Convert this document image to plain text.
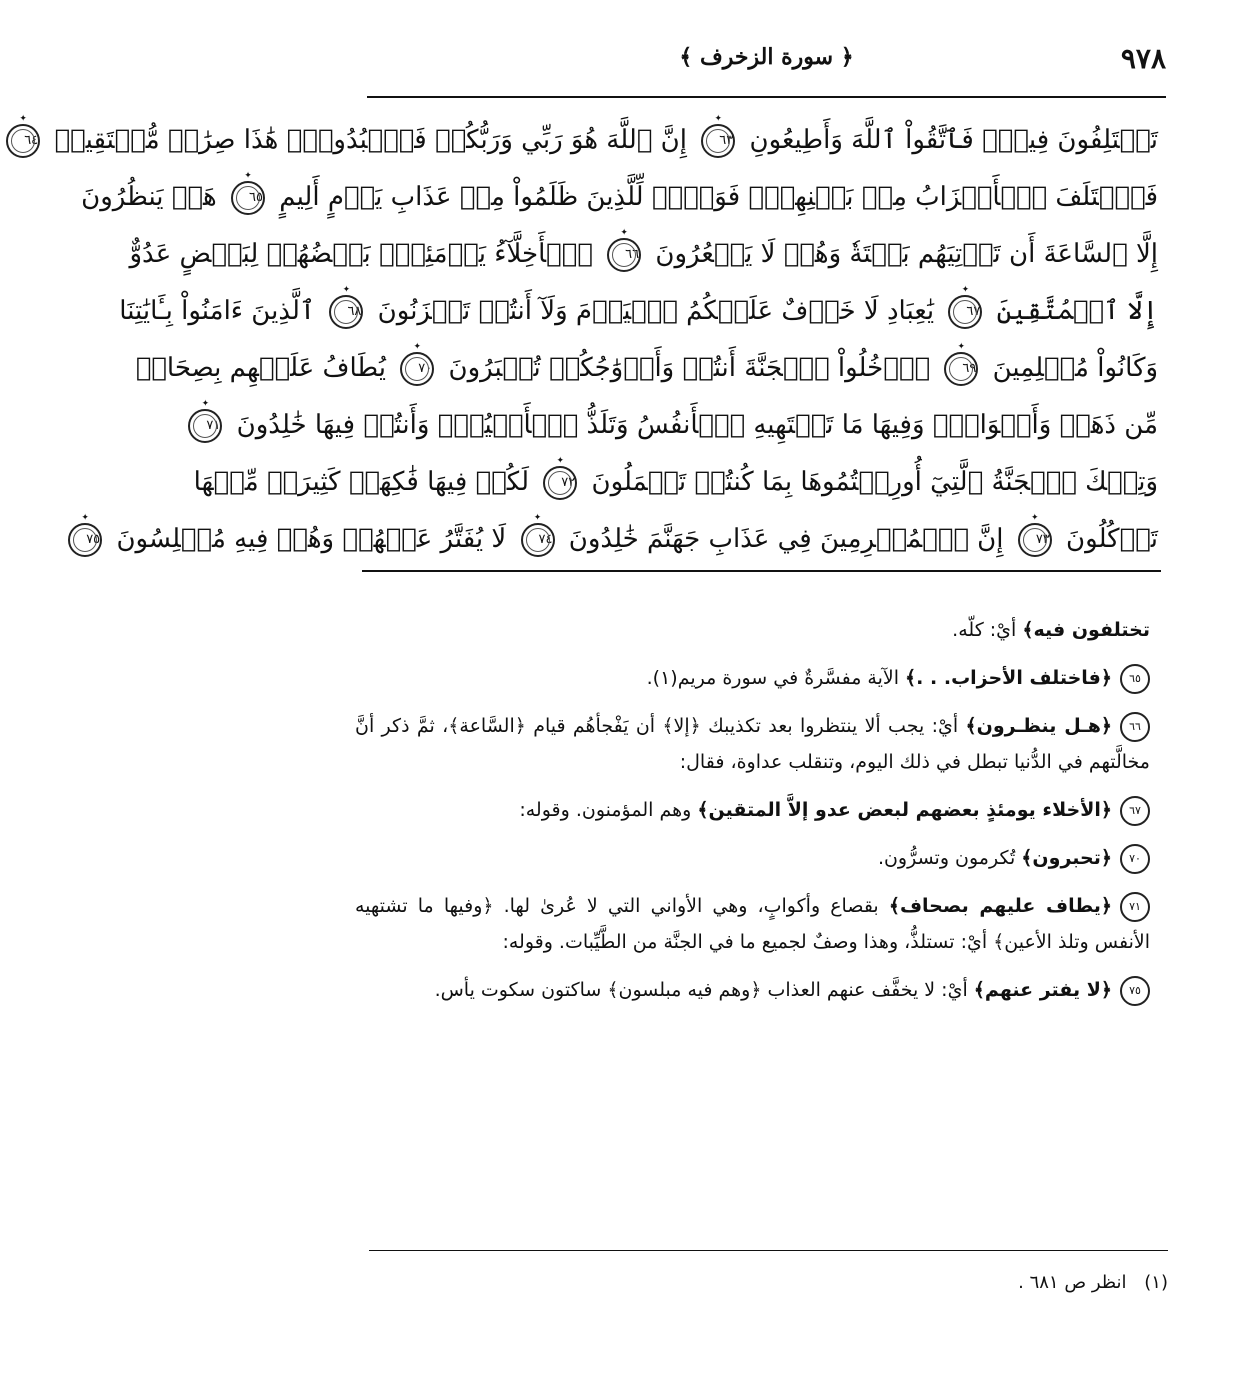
٩٧٨
﴿ سورة الزخرف ﴾
تَخۡتَلِفُونَ فِيهِۖ فَٱتَّقُواْ ٱللَّهَ وَأَطِيعُونِ ٦٣ ✦ إِنَّ ٱللَّهَ هُوَ رَبِّي وَرَبُّكُمۡ فَٱعۡبُدُوهُۚ هَٰذَا صِرَٰطٞ مُّسۡتَقِيمٞ ٦٤ ✦
فَٱخۡتَلَفَ ٱلۡأَحۡزَابُ مِنۢ بَيۡنِهِمۡۖ فَوَيۡلٞ لِّلَّذِينَ ظَلَمُواْ مِنۡ عَذَابِ يَوۡمٍ أَلِيمٍ ٦٥ ✦ هَلۡ يَنظُرُونَ
إِلَّا ٱلسَّاعَةَ أَن تَأۡتِيَهُم بَغۡتَةٗ وَهُمۡ لَا يَشۡعُرُونَ ٦٦ ✦ ٱلۡأَخِلَّآءُ يَوۡمَئِذِۢ بَعۡضُهُمۡ لِبَعۡضٍ عَدُوٌّ
إِلَّا ٱلۡمُتَّقِينَ ٦٧ ✦ يَٰعِبَادِ لَا خَوۡفٌ عَلَيۡكُمُ ٱلۡيَوۡمَ وَلَآ أَنتُمۡ تَحۡزَنُونَ ٦٨ ✦ ٱلَّذِينَ ءَامَنُواْ بِـَٔايَٰتِنَا
وَكَانُواْ مُسۡلِمِينَ ٦٩ ✦ ٱدۡخُلُواْ ٱلۡجَنَّةَ أَنتُمۡ وَأَزۡوَٰجُكُمۡ تُحۡبَرُونَ ٧٠ ✦ يُطَافُ عَلَيۡهِم بِصِحَافٖ
مِّن ذَهَبٖ وَأَكۡوَابٖۖ وَفِيهَا مَا تَشۡتَهِيهِ ٱلۡأَنفُسُ وَتَلَذُّ ٱلۡأَعۡيُنُۖ وَأَنتُمۡ فِيهَا خَٰلِدُونَ ٧١ ✦
وَتِلۡكَ ٱلۡجَنَّةُ ٱلَّتِيٓ أُورِثۡتُمُوهَا بِمَا كُنتُمۡ تَعۡمَلُونَ ٧٢ ✦ لَكُمۡ فِيهَا فَٰكِهَةٞ كَثِيرَةٞ مِّنۡهَا
تَأۡكُلُونَ ٧٣ ✦ إِنَّ ٱلۡمُجۡرِمِينَ فِي عَذَابِ جَهَنَّمَ خَٰلِدُونَ ٧٤ ✦ لَا يُفَتَّرُ عَنۡهُمۡ وَهُمۡ فِيهِ مُبۡلِسُونَ ٧٥ ✦
تختلفون فيه﴾ أيْ: كلّه.
٦٥﴿فاختلف الأحزاب. . .﴾ الآية مفسَّرةٌ في سورة مريم(١).
٦٦﴿هـل ينظـرون﴾ أيْ: يجب ألا ينتظروا بعد تكذيبك ﴿إلا﴾ أن يَفْجأهُم قيام ﴿السَّاعة﴾، ثمَّ ذكر أنَّ مخالَّتهم في الدُّنيا تبطل في ذلك اليوم، وتنقلب عداوة، فقال:
٦٧﴿الأخلاء يومئذٍ بعضهم لبعض عدو إلاَّ المتقين﴾ وهم المؤمنون. وقوله:
٧٠﴿تحبرون﴾ تُكرمون وتسرُّون.
٧١﴿يطاف عليهم بصحاف﴾ بقصاع وأكوابٍ، وهي الأواني التي لا عُرىٰ لها. ﴿وفيها ما تشتهيه الأنفس وتلذ الأعين﴾ أيْ: تستلذُّ، وهذا وصفٌ لجميع ما في الجنَّة من الطَّيِّبات. وقوله:
٧٥﴿لا يفتر عنهم﴾ أيْ: لا يخفَّف عنهم العذاب ﴿وهم فيه مبلسون﴾ ساكتون سكوت يأس.
(١) انظر ص ٦٨١ .
